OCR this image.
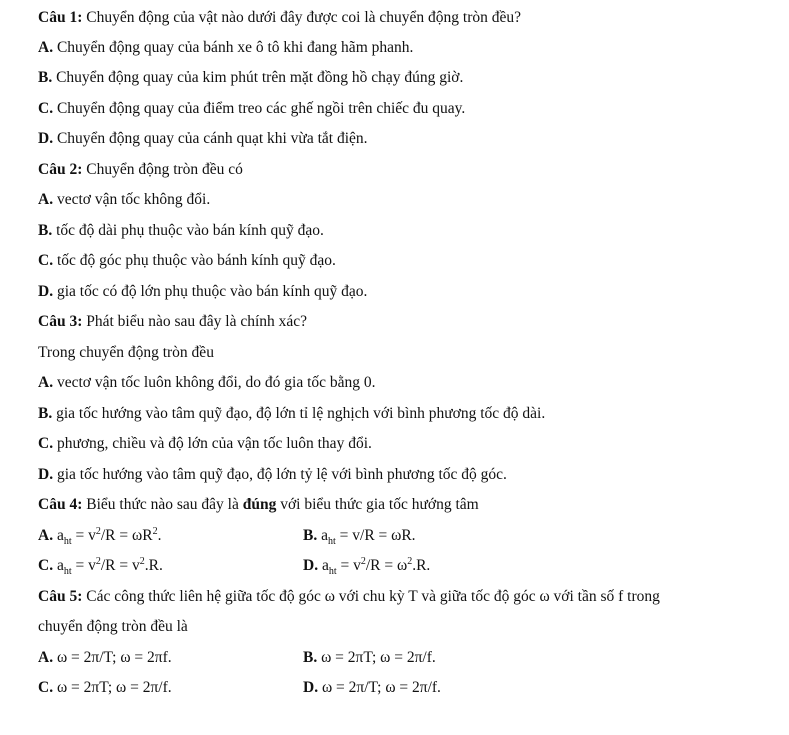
Câu 1: Chuyển động của vật nào dưới đây được coi là chuyển động tròn đều?
A. Chuyển động quay của bánh xe ô tô khi đang hãm phanh.
B. Chuyển động quay của kim phút trên mặt đồng hồ chạy đúng giờ.
C. Chuyển động quay của điểm treo các ghế ngồi trên chiếc đu quay.
D. Chuyển động quay của cánh quạt khi vừa tắt điện.
Câu 2: Chuyển động tròn đều có
A. vectơ vận tốc không đổi.
B. tốc độ dài phụ thuộc vào bán kính quỹ đạo.
C. tốc độ góc phụ thuộc vào bánh kính quỹ đạo.
D. gia tốc có độ lớn phụ thuộc vào bán kính quỹ đạo.
Câu 3: Phát biểu nào sau đây là chính xác?
Trong chuyển động tròn đều
A. vectơ vận tốc luôn không đổi, do đó gia tốc bằng 0.
B. gia tốc hướng vào tâm quỹ đạo, độ lớn tỉ lệ nghịch với bình phương tốc độ dài.
C. phương, chiều và độ lớn của vận tốc luôn thay đổi.
D. gia tốc hướng vào tâm quỹ đạo, độ lớn tỷ lệ với bình phương tốc độ góc.
Câu 4: Biểu thức nào sau đây là đúng với biểu thức gia tốc hướng tâm
A. $a_{ht} = v^2/R = \omega R^2$.	B. $a_{ht} = v/R = \omega R$.
C. $a_{ht} = v^2/R = v^2.R$.	D. $a_{ht} = v^2/R = \omega^2.R$.
Câu 5: Các công thức liên hệ giữa tốc độ góc ω với chu kỳ T và giữa tốc độ góc ω với tần số f trong
chuyển động tròn đều là
A. ω = 2π/T; ω = 2πf.	B. ω = 2πT; ω = 2π/f.
C. ω = 2πT; ω = 2π/f.	D. ω = 2π/T; ω = 2π/f.
